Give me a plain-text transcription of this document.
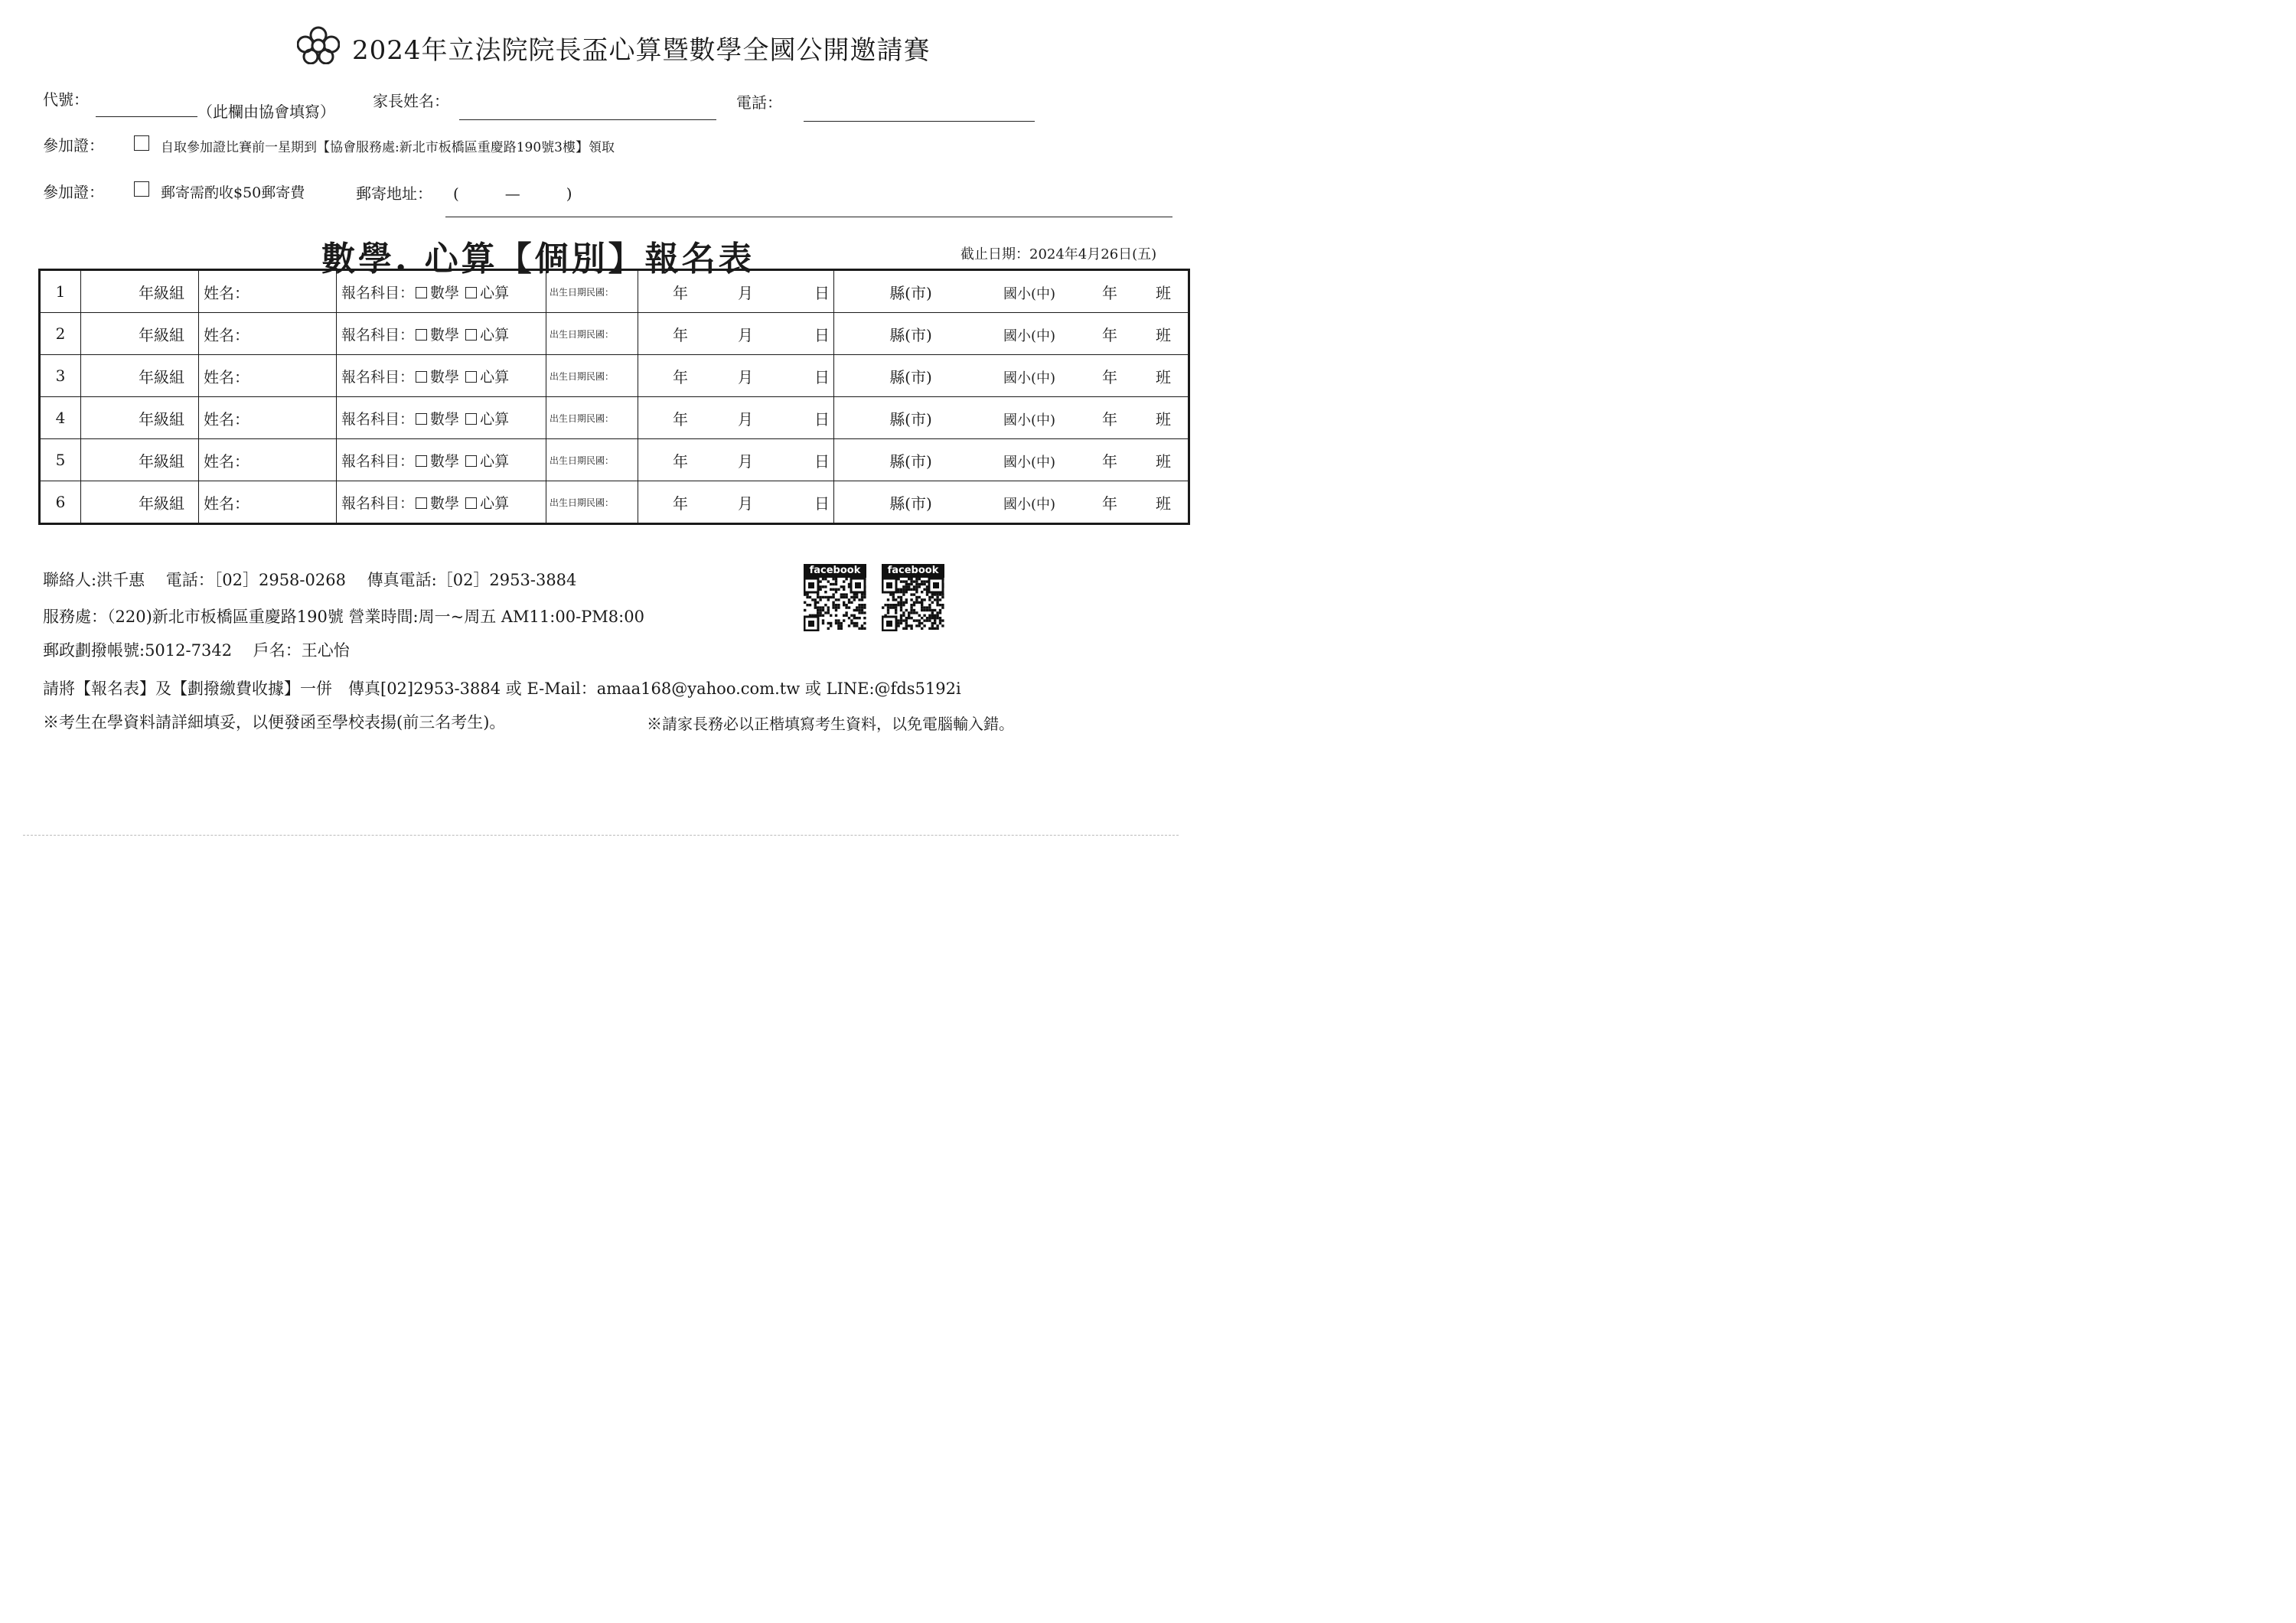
2024年立法院院長盃心算暨數學全國公開邀請賽
代號：
（此欄由協會填寫）
家長姓名：	電話：
參加證：	自取參加證比賽前一星期到【協會服務處:新北市板橋區重慶路190號3樓】領取
參加證：	郵寄需酌收$50郵寄費	郵寄地址： (　　　—　　　)
數學. 心算【個別】報名表	截止日期：2024年4月26日(五)
1	年級組	姓名：	報名科目： 數學 心算	出生日期民國：	年 月 日	縣(市) 國小(中) 年 班
2	年級組	姓名：	報名科目： 數學 心算	出生日期民國：	年 月 日	縣(市) 國小(中) 年 班
3	年級組	姓名：	報名科目： 數學 心算	出生日期民國：	年 月 日	縣(市) 國小(中) 年 班
4	年級組	姓名：	報名科目： 數學 心算	出生日期民國：	年 月 日	縣(市) 國小(中) 年 班
5	年級組	姓名：	報名科目： 數學 心算	出生日期民國：	年 月 日	縣(市) 國小(中) 年 班
6	年級組	姓名：	報名科目： 數學 心算	出生日期民國：	年 月 日	縣(市) 國小(中) 年 班
聯絡人:洪千惠　 電話：［02］2958-0268　 傳真電話:［02］2953-3884
服務處：（220)新北市板橋區重慶路190號 營業時間:周一~周五 AM11:00-PM8:00
郵政劃撥帳號:5012-7342　 戶名：王心怡
請將【報名表】及【劃撥繳費收據】一併　傳真[02]2953-3884 或 E-Mail：amaa168@yahoo.com.tw 或 LINE:@fds5192i
※考生在學資料請詳細填妥，以便發函至學校表揚(前三名考生)。	※請家長務必以正楷填寫考生資料，以免電腦輸入錯。
facebook	facebook
